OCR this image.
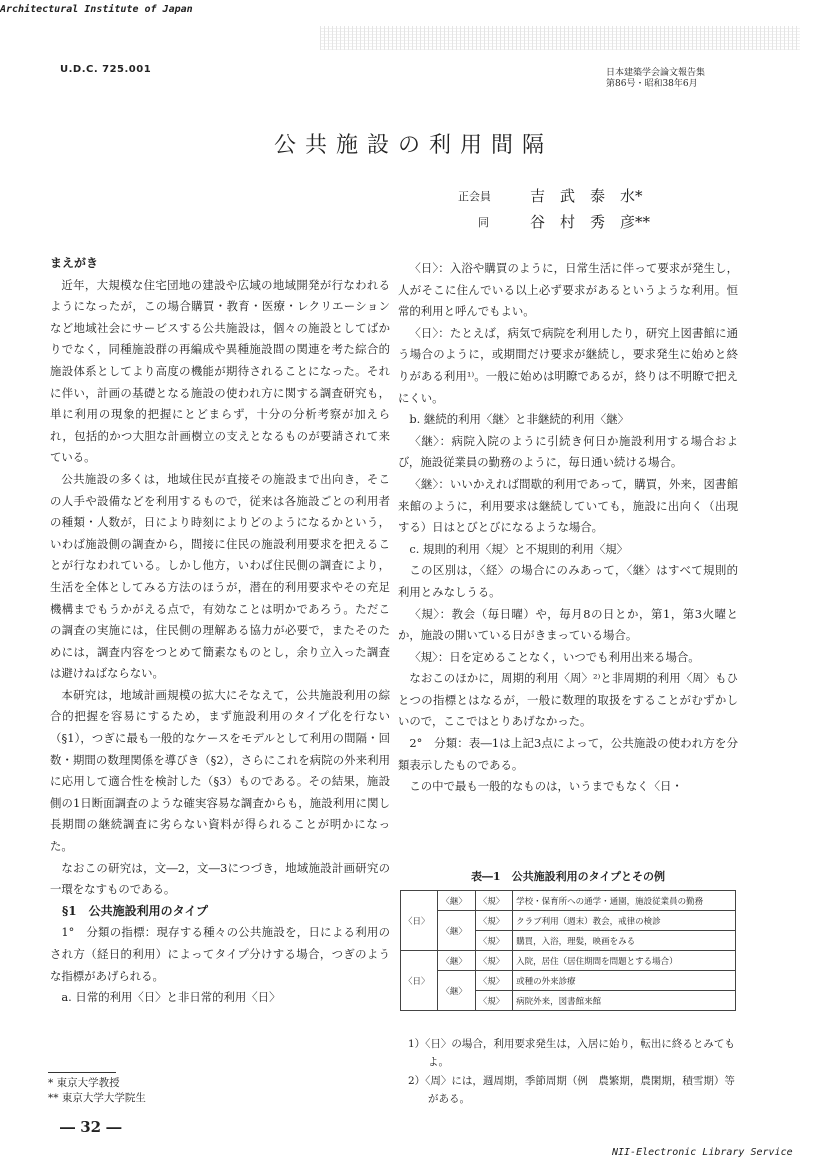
Architectural Institute of Japan
U.D.C. 725.001	日本建築学会論文報告集
第86号・昭和38年6月
公共施設の利用間隔
正会員	吉　武　泰　水*
同	谷　村　秀　彦**
まえがき

近年，大規模な住宅団地の建設や広域の地域開発が行なわれるようになったが，この場合購買・教育・医療・レクリエーションなど地域社会にサービスする公共施設は，個々の施設としてばかりでなく，同種施設群の再編成や異種施設間の関連を考た綜合的施設体系としてより高度の機能が期待されることになった。それに伴い，計画の基礎となる施設の使われ方に関する調査研究も，単に利用の現象的把握にとどまらず，十分の分析考察が加えられ，包括的かつ大胆な計画樹立の支えとなるものが要請されて来ている。

公共施設の多くは，地域住民が直接その施設まで出向き，そこの人手や設備などを利用するもので，従来は各施設ごとの利用者の種類・人数が，日により時刻によりどのようになるかという，いわば施設側の調査から，間接に住民の施設利用要求を把えることが行なわれている。しかし他方，いわば住民側の調査により，生活を全体としてみる方法のほうが，潜在的利用要求やその充足機構までもうかがえる点で，有効なことは明かであろう。ただこの調査の実施には，住民側の理解ある協力が必要で，またそのためには，調査内容をつとめて簡素なものとし，余り立入った調査は避けねばならない。

本研究は，地域計画規模の拡大にそなえて，公共施設利用の綜合的把握を容易にするため，まず施設利用のタイプ化を行ない（§1），つぎに最も一般的なケースをモデルとして利用の間隔・回数・期間の数理関係を導びき（§2），さらにこれを病院の外来利用に応用して適合性を検討した（§3）ものである。その結果，施設側の1日断面調査のような確実容易な調査からも，施設利用に関し長期間の継続調査に劣らない資料が得られることが明かになった。

なおこの研究は，文―2，文―3につづき，地域施設計画研究の一環をなすものである。

§1　公共施設利用のタイプ

1°　分類の指標：現存する種々の公共施設を，日による利用のされ方（経日的利用）によってタイプ分けする場合，つぎのような指標があげられる。

a. 日常的利用〈日〉と非日常的利用〈日〉

〈日〉：入浴や購買のように，日常生活に伴って要求が発生し，人がそこに住んでいる以上必ず要求があるというような利用。恒常的利用と呼んでもよい。

〈日〉：たとえば，病気で病院を利用したり，研究上図書館に通う場合のように，或期間だけ要求が継続し，要求発生に始めと終りがある利用¹⁾。一般に始めは明瞭であるが，終りは不明瞭で把えにくい。

b. 継続的利用〈継〉と非継続的利用〈継〉

〈継〉：病院入院のように引続き何日か施設利用する場合および，施設従業員の勤務のように，毎日通い続ける場合。

〈継〉：いいかえれば間歇的利用であって，購買，外来，図書館来館のように，利用要求は継続していても，施設に出向く（出現する）日はとびとびになるような場合。

c. 規則的利用〈規〉と不規則的利用〈規〉

この区別は，〈経〉の場合にのみあって，〈継〉はすべて規則的利用とみなしうる。

〈規〉：教会（毎日曜）や，毎月8の日とか，第1，第3火曜とか，施設の開いている日がきまっている場合。

〈規〉：日を定めることなく，いつでも利用出来る場合。

なおこのほかに，周期的利用〈周〉²⁾と非周期的利用〈周〉もひとつの指標とはなるが，一般に数理的取扱をすることがむずかしいので，ここではとりあげなかった。

2°　分類：表―1は上記3点によって，公共施設の使われ方を分類表示したものである。

この中で最も一般的なものは，いうまでもなく〈日・

表―1　公共施設利用のタイプとその例
〈日〉	〈継〉	〈規〉	学校・保育所への通学・通園，施設従業員の勤務
	〈継〉	〈規〉	クラブ利用（週末）教会，戒律の検診
		〈規〉	購買，入浴，理髪，映画をみる
〈日〉	〈継〉	〈規〉	入院，居住（居住期間を問題とする場合）
	〈継〉	〈規〉	或種の外来診療
		〈規〉	病院外来，図書館来館
1）〈日〉の場合，利用要求発生は，入居に始り，転出に終るとみてもよ。
2）〈周〉には，週周期，季節周期（例　農繁期，農閑期，積雪期）等がある。
* 東京大学教授
** 東京大学大学院生
― 32 ―
NII-Electronic Library Service
